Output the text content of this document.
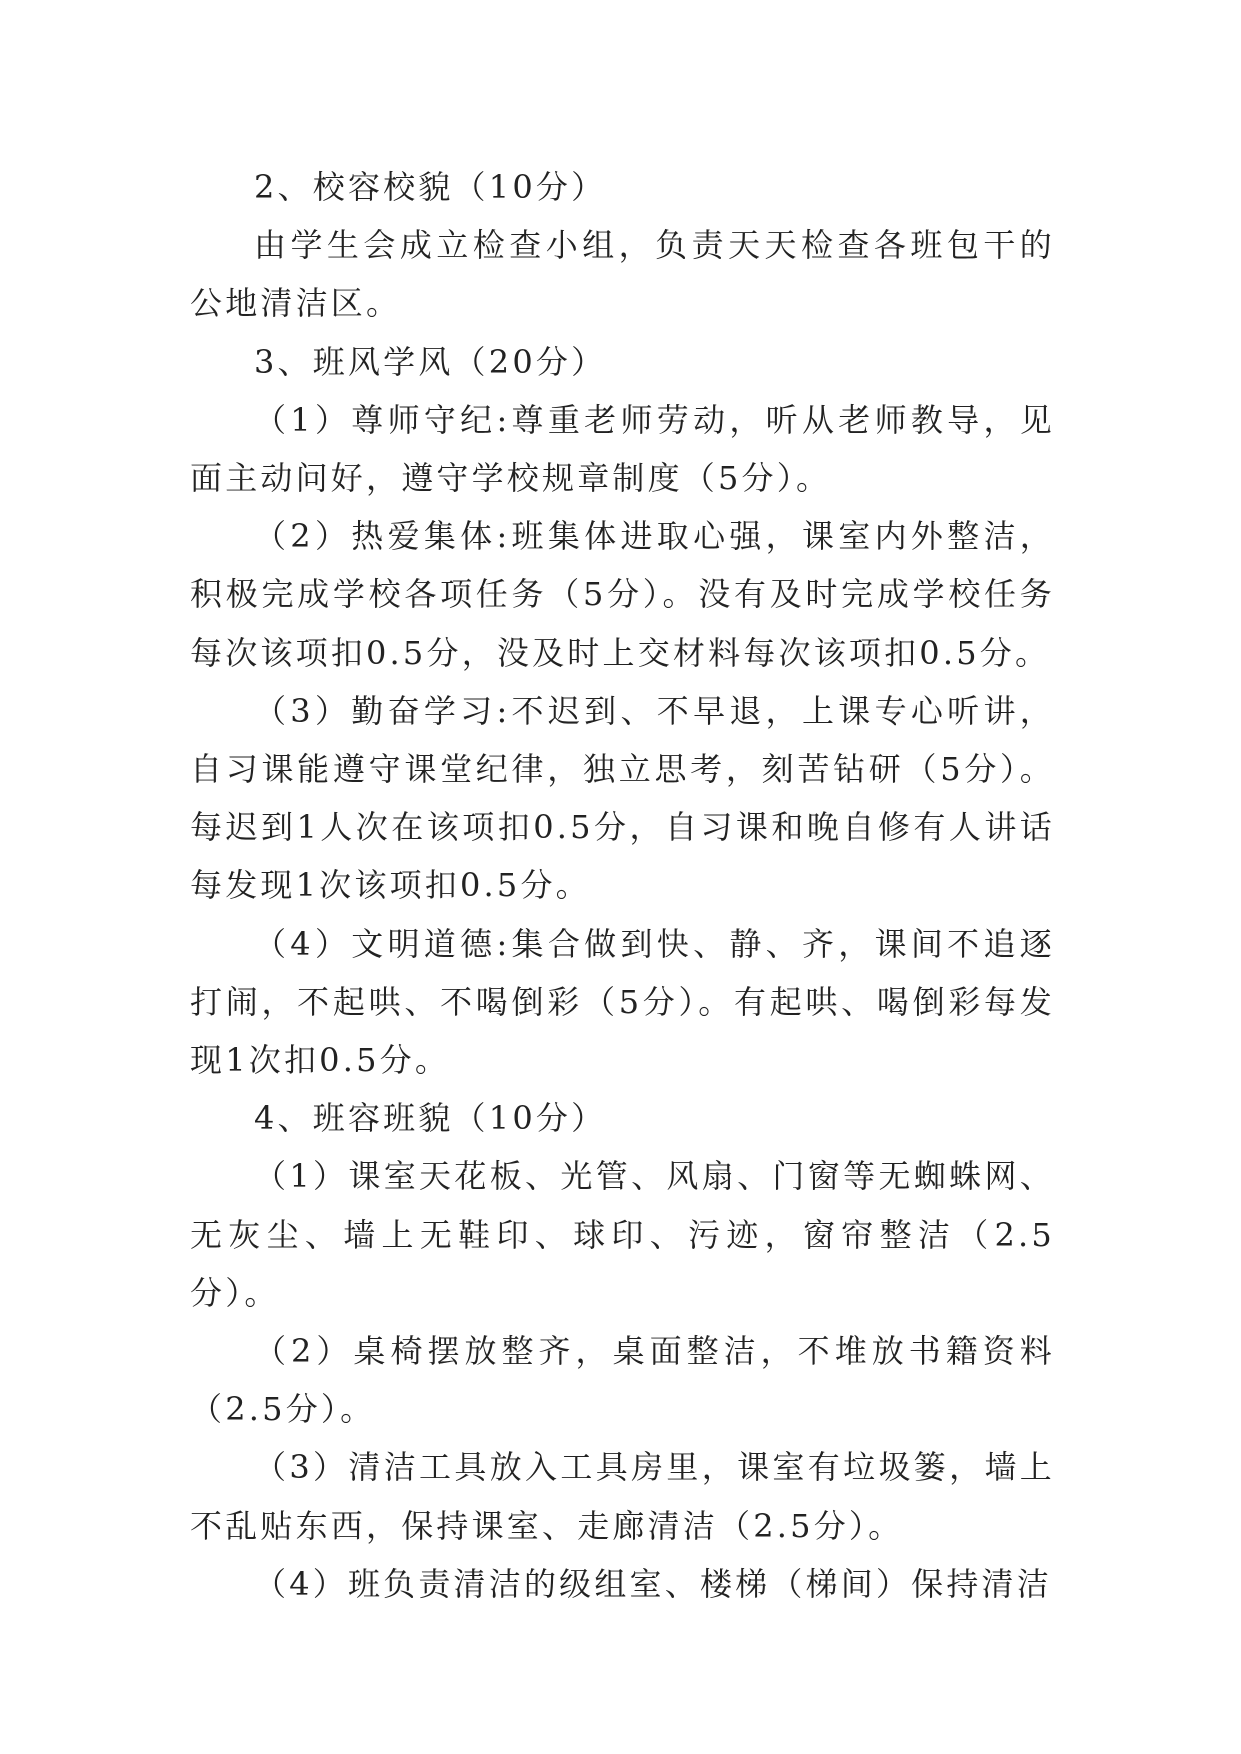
2、校容校貌（10分）

由学生会成立检查小组，负责天天检查各班包干的公地清洁区。

3、班风学风（20分）

（1）尊师守纪:尊重老师劳动，听从老师教导，见面主动问好，遵守学校规章制度（5分）。

（2）热爱集体:班集体进取心强，课室内外整洁，积极完成学校各项任务（5分）。没有及时完成学校任务每次该项扣0.5分，没及时上交材料每次该项扣0.5分。

（3）勤奋学习:不迟到、不早退，上课专心听讲，自习课能遵守课堂纪律，独立思考，刻苦钻研（5分）。每迟到1人次在该项扣0.5分，自习课和晚自修有人讲话每发现1次该项扣0.5分。

（4）文明道德:集合做到快、静、齐，课间不追逐打闹，不起哄、不喝倒彩（5分）。有起哄、喝倒彩每发现1次扣0.5分。

4、班容班貌（10分）

（1）课室天花板、光管、风扇、门窗等无蜘蛛网、无灰尘、墙上无鞋印、球印、污迹，窗帘整洁（2.5分）。

（2）桌椅摆放整齐，桌面整洁，不堆放书籍资料（2.5分）。

（3）清洁工具放入工具房里，课室有垃圾篓，墙上不乱贴东西，保持课室、走廊清洁（2.5分）。

（4）班负责清洁的级组室、楼梯（梯间）保持清洁
